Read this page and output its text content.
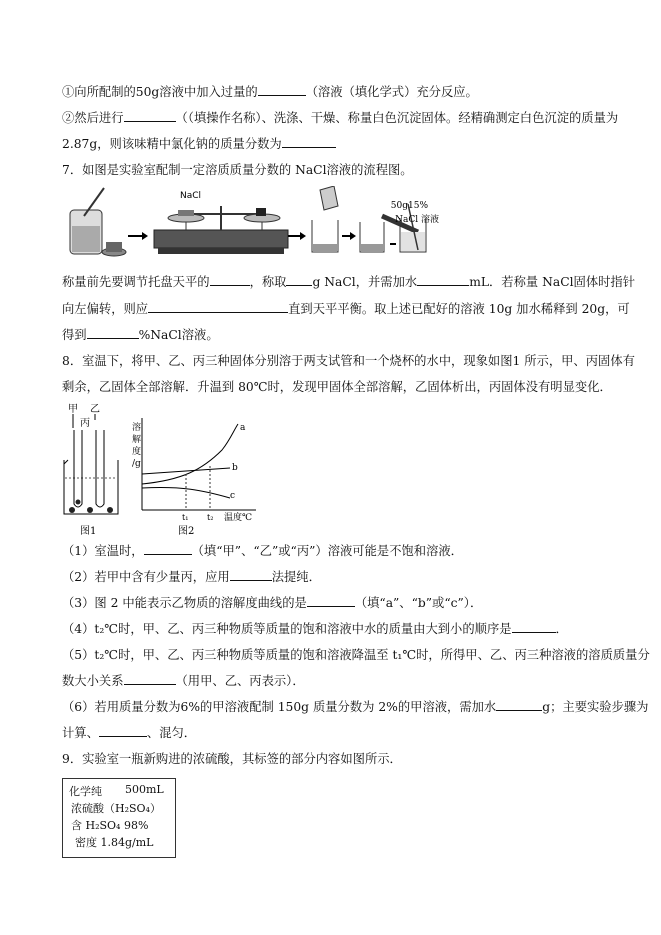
①向所配制的50g溶液中加入过量的	（溶液（填化学式）充分反应。
②然后进行	（（填操作名称）、洗涤、干燥、称量白色沉淀固体。经精确测定白色沉淀的质量为
2.87g，则该味精中氯化钠的质量分数为
7．如图是实验室配制一定溶质质量分数的 NaCl溶液的流程图。
NaCl
50g15%
NaCl 溶液
称量前先要调节托盘天平的	，称取 g NaCl，并需加水	mL．若称量 NaCl固体时指针
向左偏转，则应	直到天平平衡。取上述已配好的溶液 10g 加水稀释到 20g，可
得到	%NaCl溶液。
8．室温下，将甲、乙、丙三种固体分别溶于两支试管和一个烧杯的水中，现象如图1 所示，甲、丙固体有
剩余，乙固体全部溶解．升温到 80℃时，发现甲固体全部溶解，乙固体析出，丙固体没有明显变化．
甲 乙
丙
图1
溶
解
度
/g
a
b
c
t₁ t₂ 温度℃
图2
（1）室温时，	（填“甲”、“乙”或“丙”）溶液可能是不饱和溶液．
（2）若甲中含有少量丙，应用	法提纯．
（3）图 2 中能表示乙物质的溶解度曲线的是	（填“a”、“b”或“c”）．
（4）t₂℃时，甲、乙、丙三种物质等质量的饱和溶液中水的质量由大到小的顺序是	．
（5）t₂℃时，甲、乙、丙三种物质等质量的饱和溶液降温至 t₁℃时，所得甲、乙、丙三种溶液的溶质质量分
数大小关系	（用甲、乙、丙表示）．
（6）若用质量分数为6%的甲溶液配制 150g 质量分数为 2%的甲溶液，需加水	g；主要实验步骤为
计算、	、混匀．
9．实验室一瓶新购进的浓硫酸，其标签的部分内容如图所示．
化学纯 500mL
浓硫酸（H₂SO₄）
含 H₂SO₄ 98%
密度 1.84g/mL
